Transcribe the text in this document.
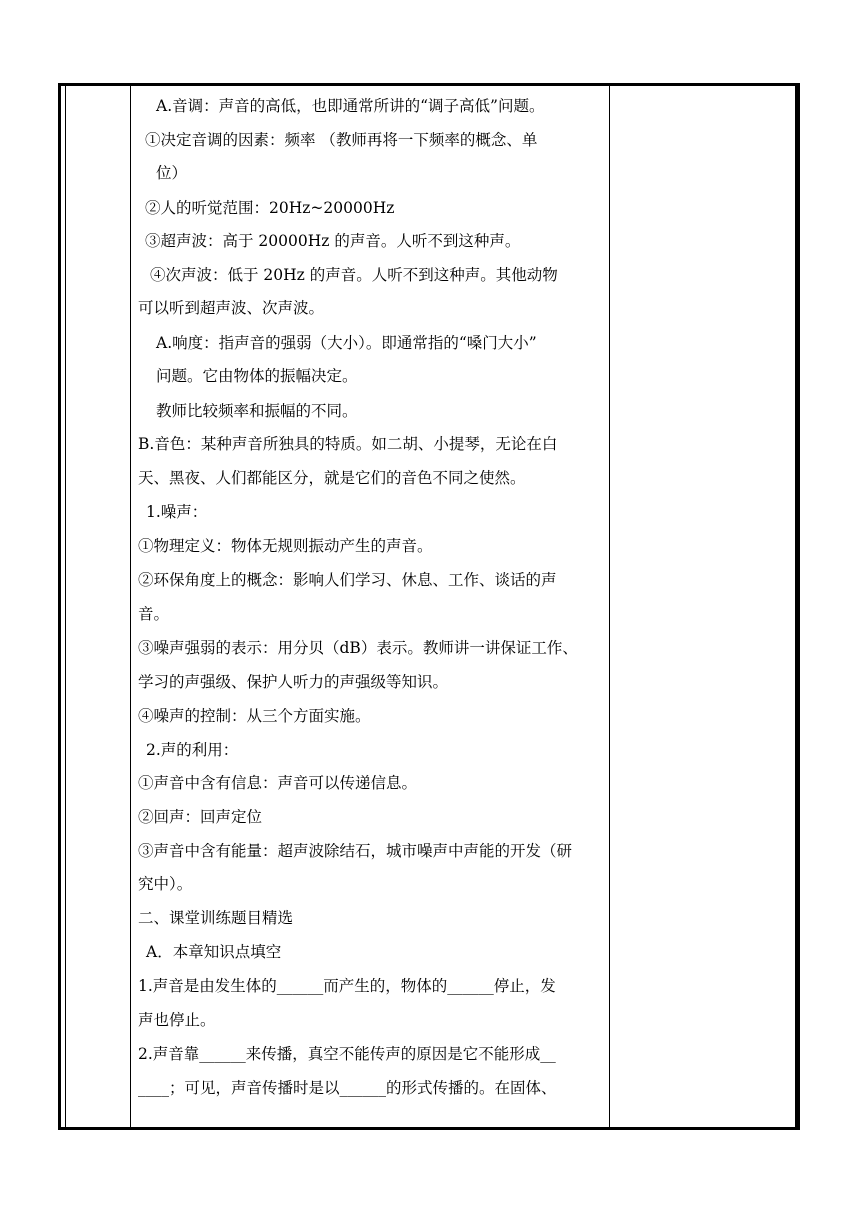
A.音调：声音的高低，也即通常所讲的“调子高低”问题。
①决定音调的因素：频率 （教师再将一下频率的概念、单
位）
②人的听觉范围：20Hz~20000Hz
③超声波：高于 20000Hz 的声音。人听不到这种声。
④次声波：低于 20Hz 的声音。人听不到这种声。其他动物
可以听到超声波、次声波。
A.响度：指声音的强弱（大小）。即通常指的“嗓门大小”
问题。它由物体的振幅决定。
教师比较频率和振幅的不同。
B.音色：某种声音所独具的特质。如二胡、小提琴，无论在白
天、黑夜、人们都能区分，就是它们的音色不同之使然。
1.噪声：
①物理定义：物体无规则振动产生的声音。
②环保角度上的概念：影响人们学习、休息、工作、谈话的声
音。
③噪声强弱的表示：用分贝（dB）表示。教师讲一讲保证工作、
学习的声强级、保护人听力的声强级等知识。
④噪声的控制：从三个方面实施。
2.声的利用：
①声音中含有信息：声音可以传递信息。
②回声：回声定位
③声音中含有能量：超声波除结石，城市噪声中声能的开发（研
究中）。
二、课堂训练题目精选
A．本章知识点填空
1.声音是由发生体的______而产生的，物体的______停止，发
声也停止。
2.声音靠______来传播，真空不能传声的原因是它不能形成__
____；可见，声音传播时是以______的形式传播的。在固体、
